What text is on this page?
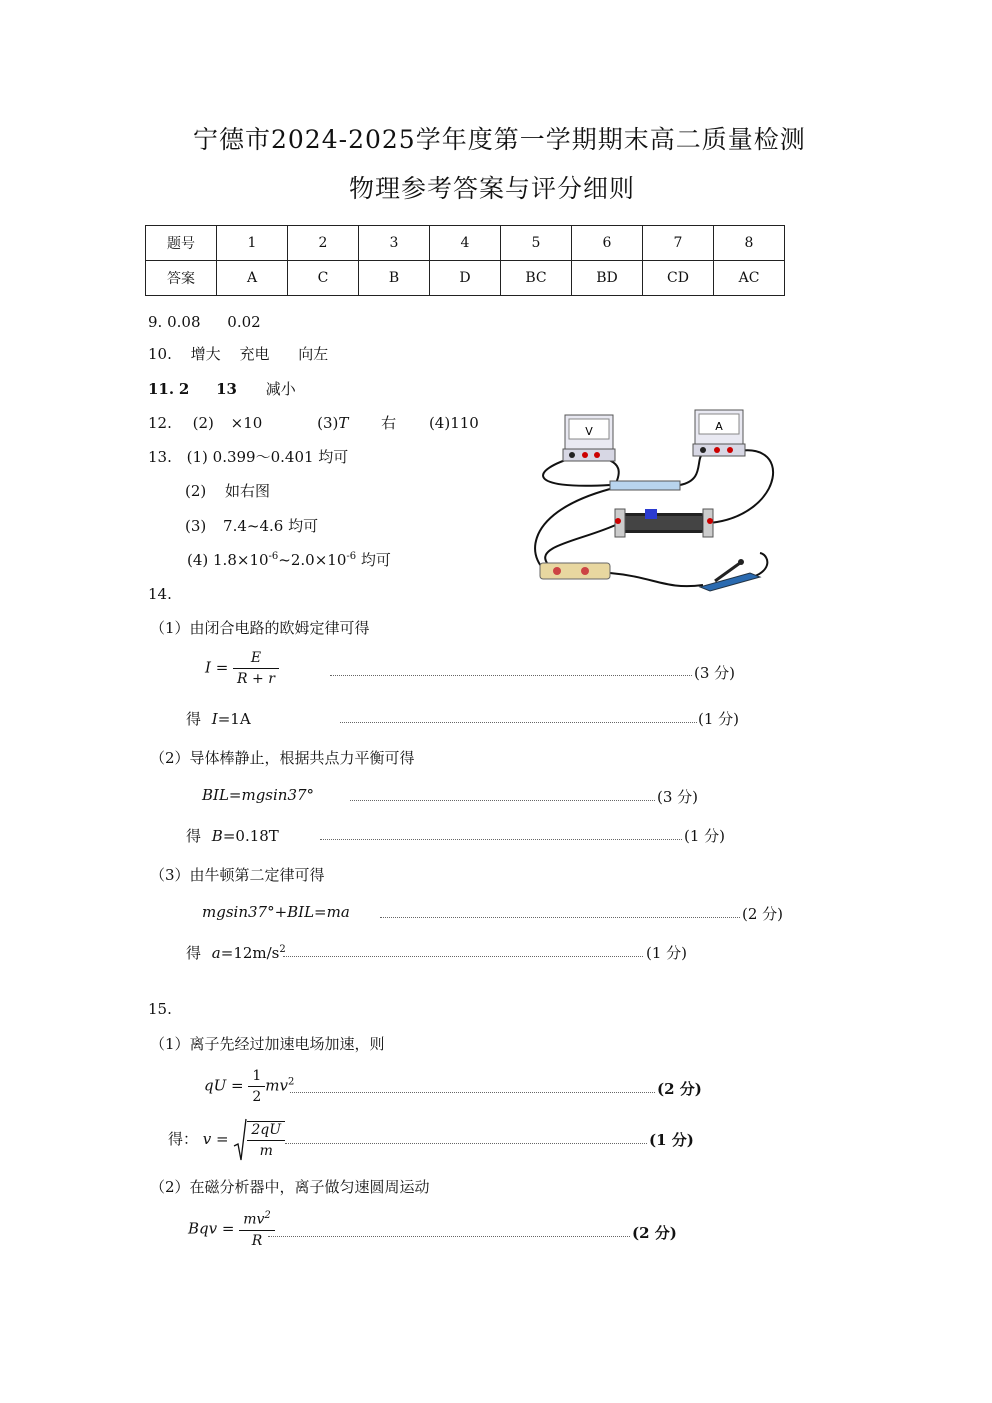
宁德市2024-2025学年度第一学期期末高二质量检测
物理参考答案与评分细则
题号	1	2	3	4	5	6	7	8
答案	A	C	B	D	BC	BD	CD	AC
9. 0.08 0.02
10. 增大 充电 向左
11. 2 13 减小
12. (2) ×10	(3)T 右 (4)110
13. (1) 0.399～0.401 均可
(2) 如右图
(3) 7.4~4.6 均可
(4) $1.8\times 10^{-6}\sim 2.0\times 10^{-6}$ 均可
V	A
14.
（1）由闭合电路的欧姆定律可得
$I = \frac{E}{R + r}$	(3 分)
得 I=1A	(1 分)
（2）导体棒静止，根据共点力平衡可得
BIL=mgsin37°	(3 分)
得 B=0.18T	(1 分)
（3）由牛顿第二定律可得
mgsin37°+BIL=ma	(2 分)
得 $a=12m/s^2$	(1 分)
15.
（1）离子先经过加速电场加速，则
qU = $\frac{1}{2} mv^2$	(2 分)
得： $v = \frac{2qU}{m}$	(1 分)
（2）在磁分析器中，离子做匀速圆周运动
Bqv = $\frac{mv^2}{R}$	(2 分)
